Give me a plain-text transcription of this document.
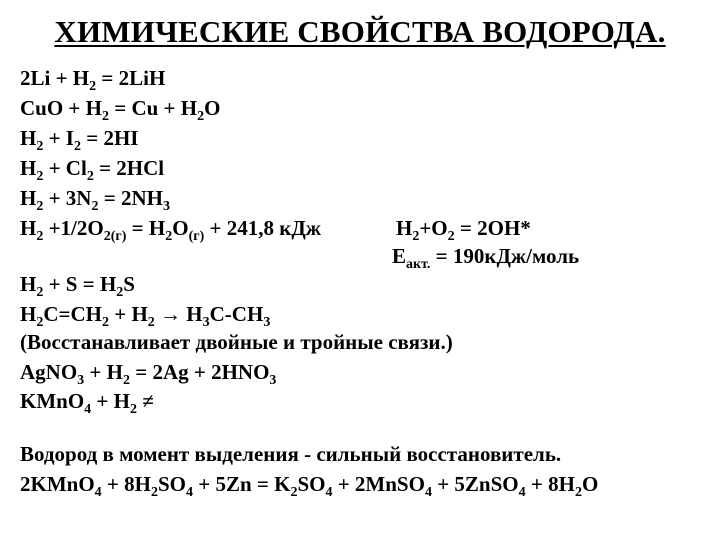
ХИМИЧЕСКИЕ СВОЙСТВА ВОДОРОДА.
$2Li + H_2 = 2LiH$
CuO + $H_2 = Cu + H_2O$
$H_2 + I_2 = 2HI$
$H_2 + Cl_2 = 2HCl$
$H_2 + 3N_2 = 2NH_3$
$H_2 +1/2O_{2(г)} = H_2O_{(г)} + 241,8$ кДж	$H_2+O_2 = 2OH*$
$E_{акт.}$ = 190кДж/моль
$H_2 + S = H_2S$
$H_2C=CH_2 + H_2 \to H_3C-CH_3$
(Восстанавливает двойные и тройные связи.)
AgNO$_3$ + $H_2 = 2Ag + 2HNO_3$
KMnO$_4$ + $H_2$ ≠
Водород в момент выделения - сильный восстановитель.
2KMnO$_4$ + $8H_2SO_4 + 5Zn = K_2SO_4$ + 2MnSO$_4$ + 5ZnSO$_4$ + $8H_2O$
